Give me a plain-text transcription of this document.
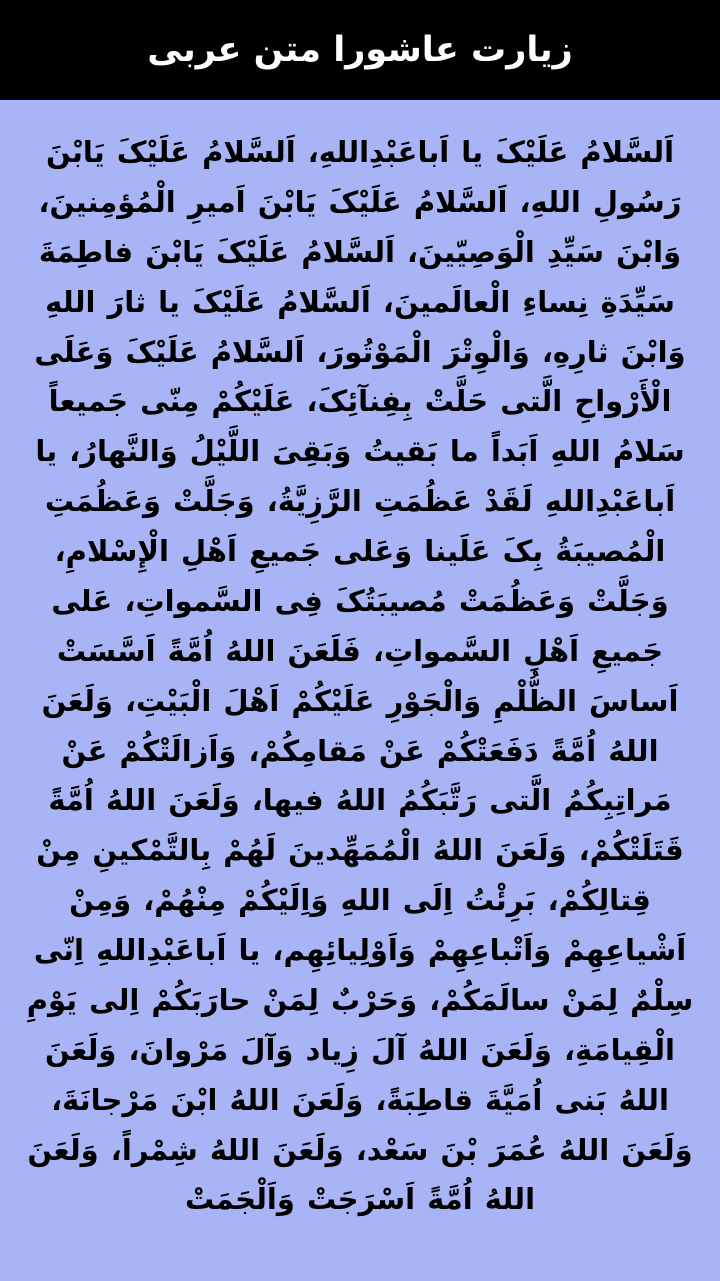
زيارت عاشورا متن عربى
اَلسَّلامُ عَلَيْکَ يا اَباعَبْدِاللهِ، اَلسَّلامُ عَلَيْکَ يَابْنَ رَسُولِ اللهِ، اَلسَّلامُ عَلَيْکَ يَابْنَ اَميرِ الْمُؤمِنينَ، وَابْنَ سَيِّدِ الْوَصِيّينَ، اَلسَّلامُ عَلَيْکَ يَابْنَ فاطِمَةَ سَيِّدَةِ نِساءِ الْعالَمينَ، اَلسَّلامُ عَلَيْکَ يا ثارَ اللهِ وَابْنَ ثارِهِ، وَالْوِتْرَ الْمَوْتُورَ، اَلسَّلامُ عَلَيْکَ وَعَلَى الْأَرْواحِ الَّتى حَلَّتْ بِفِنآئِکَ، عَلَيْکُمْ مِنّى جَميعاً سَلامُ اللهِ اَبَداً ما بَقيتُ وَبَقِىَ اللَّيْلُ وَالنَّهارُ، يا اَباعَبْدِاللهِ لَقَدْ عَظُمَتِ الرَّزِيَّةُ، وَجَلَّتْ وَعَظُمَتِ الْمُصيبَةُ بِکَ عَلَينا وَعَلى جَميعِ اَهْلِ الْإِسْلامِ، وَجَلَّتْ وَعَظُمَتْ مُصيبَتُکَ فِى السَّمواتِ، عَلى جَميعِ اَهْلِ السَّمواتِ، فَلَعَنَ اللهُ اُمَّةً اَسَّسَتْ اَساسَ الظُّلْمِ وَالْجَوْرِ عَلَيْکُمْ اَهْلَ الْبَيْتِ، وَلَعَنَ اللهُ اُمَّةً دَفَعَتْکُمْ عَنْ مَقامِکُمْ، وَاَزالَتْکُمْ عَنْ مَراتِبِکُمُ الَّتى رَتَّبَکُمُ اللهُ فيها، وَلَعَنَ اللهُ اُمَّةً قَتَلَتْکُمْ، وَلَعَنَ اللهُ الْمُمَهِّدينَ لَهُمْ بِالتَّمْکينِ مِنْ قِتالِکُمْ، بَرِئْتُ اِلَى اللهِ وَاِلَيْکُمْ مِنْهُمْ، وَمِنْ اَشْياعِهِمْ وَاَتْباعِهِمْ وَاَوْلِيائِهِم، يا اَباعَبْدِاللهِ اِنّى سِلْمٌ لِمَنْ سالَمَکُمْ، وَحَرْبٌ لِمَنْ حارَبَکُمْ اِلى يَوْمِ الْقِيامَةِ، وَلَعَنَ اللهُ آلَ زِياد وَآلَ مَرْوانَ، وَلَعَنَ اللهُ بَنى اُمَيَّةَ قاطِبَةً، وَلَعَنَ اللهُ ابْنَ مَرْجانَةَ، وَلَعَنَ اللهُ عُمَرَ بْنَ سَعْد، وَلَعَنَ اللهُ شِمْراً، وَلَعَنَ اللهُ اُمَّةً اَسْرَجَتْ وَاَلْجَمَتْ
